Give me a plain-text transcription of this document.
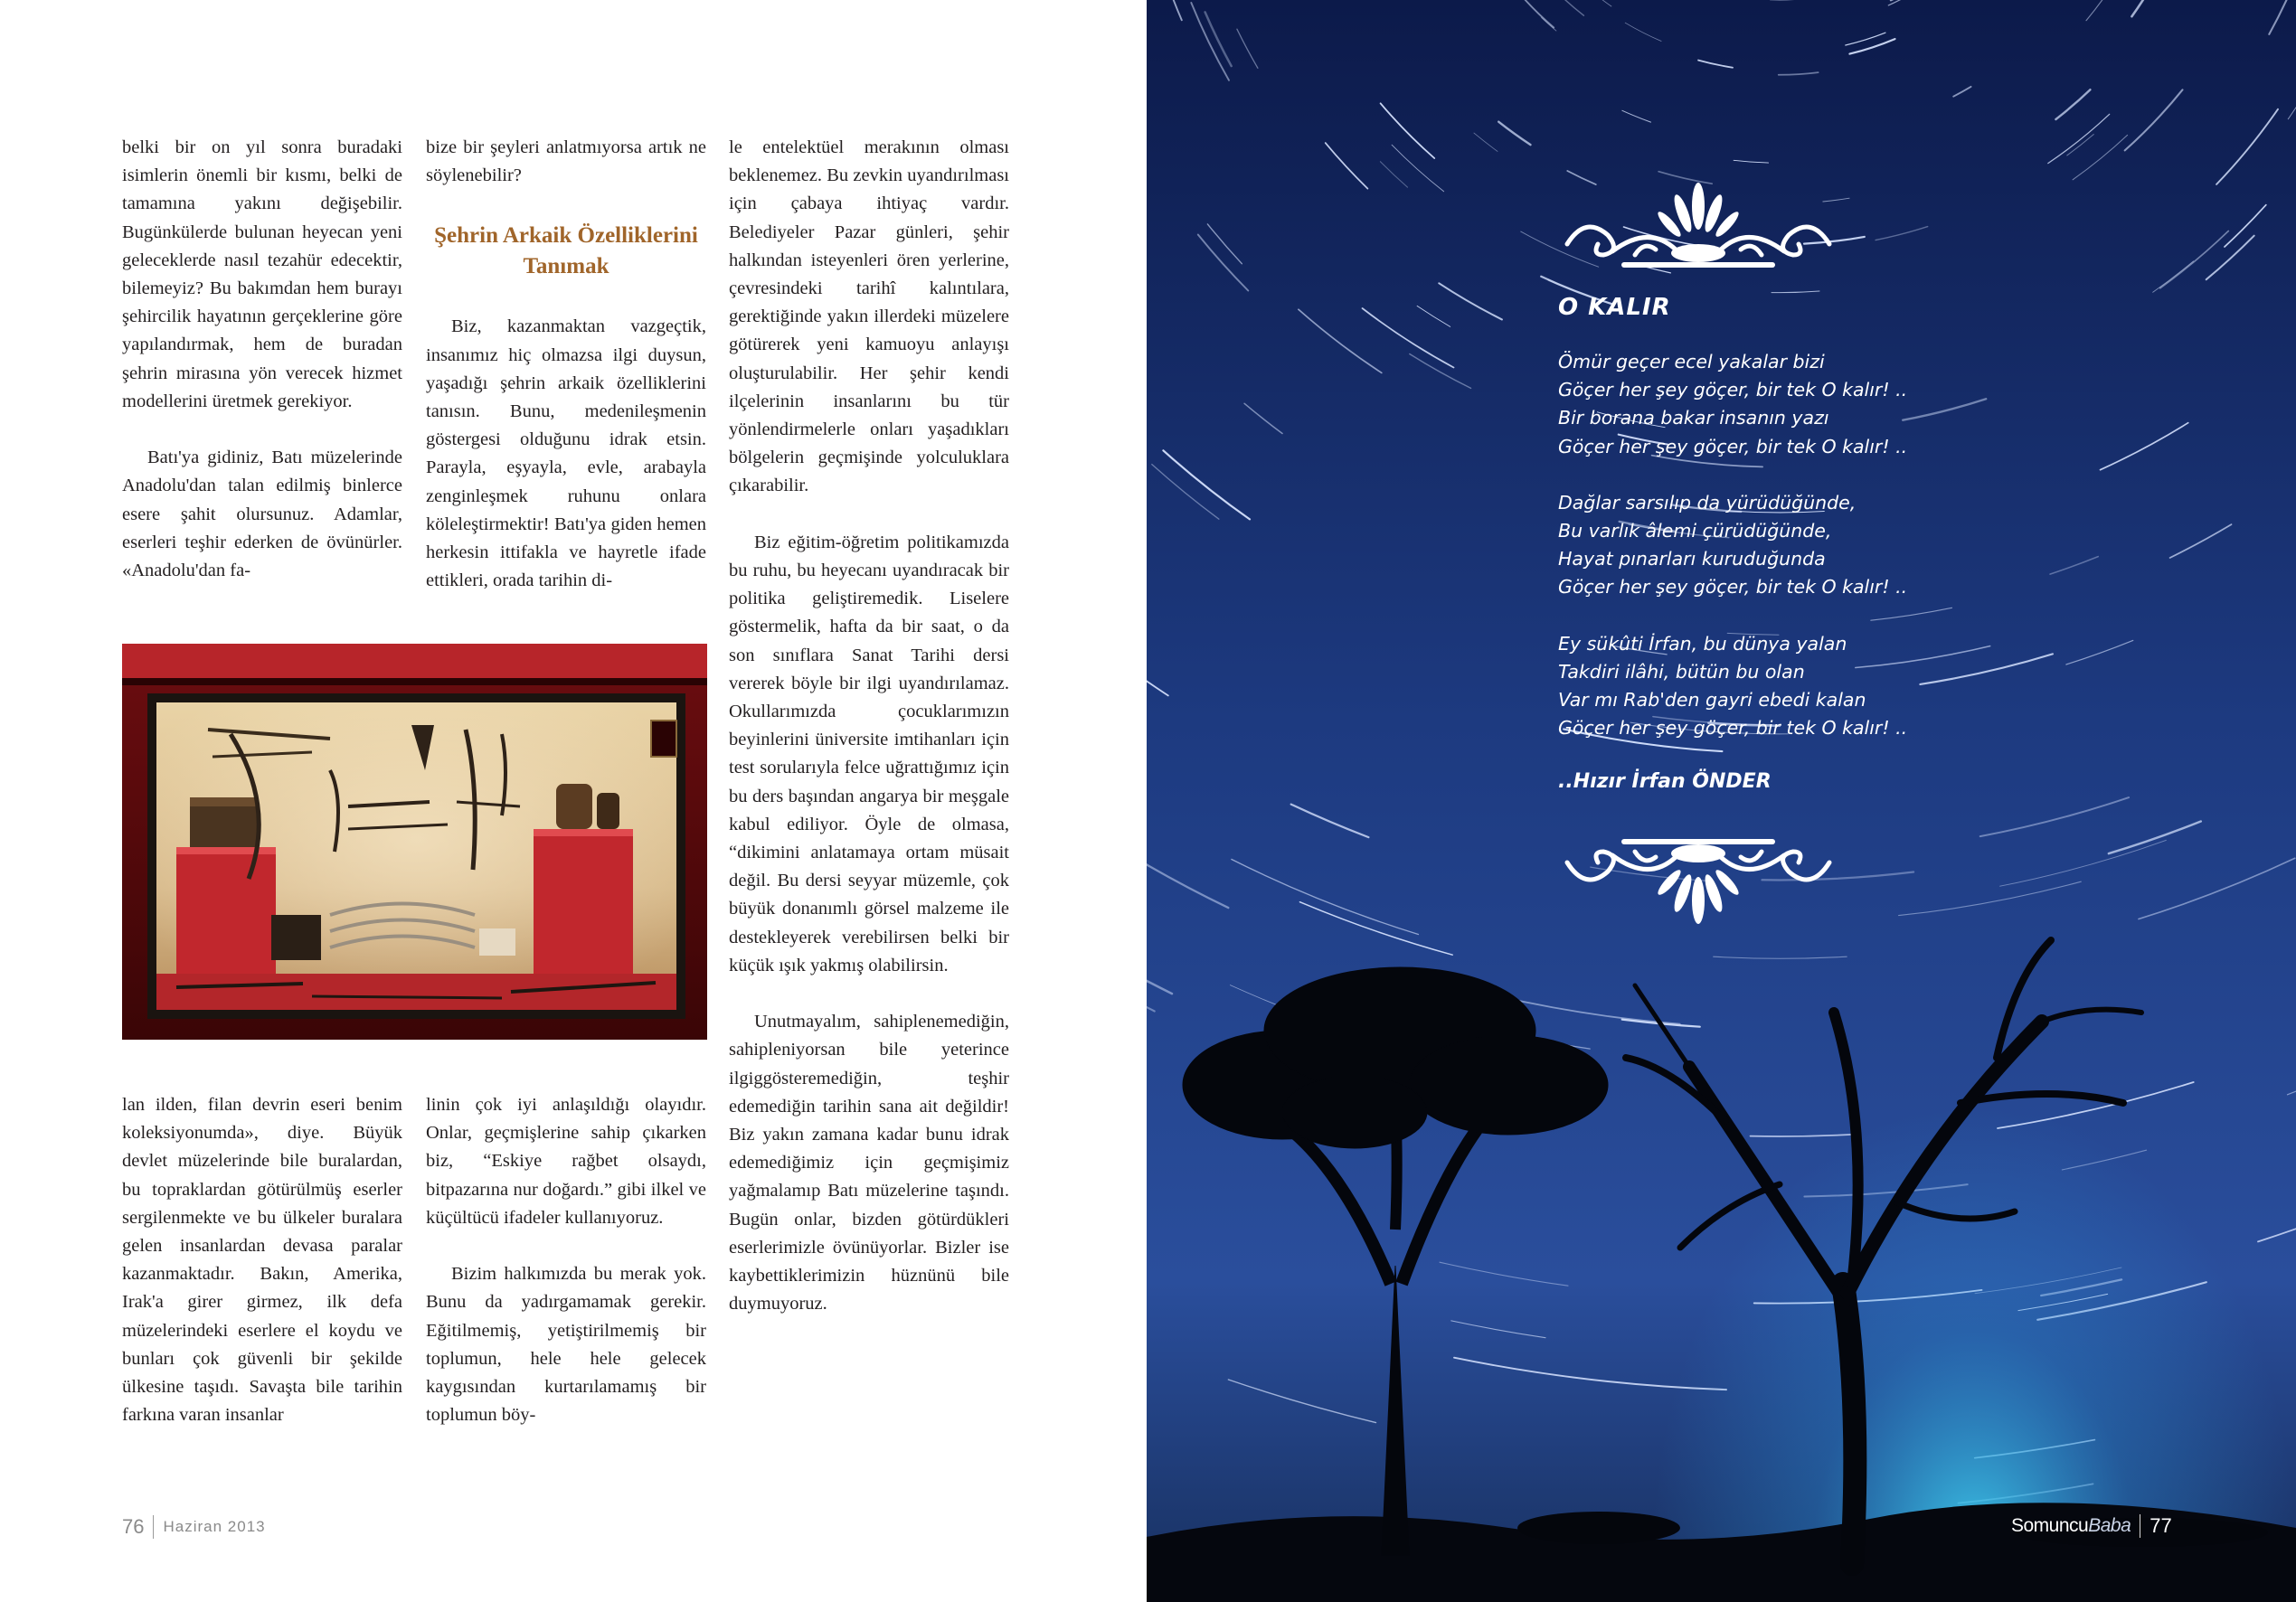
belki bir on yıl sonra buradaki isimlerin önemli bir kısmı, belki de tamamına yakını değişebilir. Bugünkülerde bulunan heyecan yeni geleceklerde nasıl tezahür edecektir, bilemeyiz? Bu bakımdan hem burayı şehircilik hayatının gerçeklerine göre yapılandırmak, hem de buradan şehrin mirasına yön verecek hizmet modellerini üretmek gerekiyor.

Batı'ya gidiniz, Batı müzelerinde Anadolu'dan talan edilmiş binlerce esere şahit olursunuz. Adamlar, eserleri teşhir ederken de övünürler. «Anadolu'dan fa-

bize bir şeyleri anlatmıyorsa artık ne söylenebilir?

Şehrin Arkaik Özelliklerini Tanımak

Biz, kazanmaktan vazgeçtik, insanımız hiç olmazsa ilgi duysun, yaşadığı şehrin arkaik özelliklerini tanısın. Bunu, medenileşmenin göstergesi olduğunu idrak etsin. Parayla, eşyayla, evle, arabayla zenginleşmek ruhunu onlara köleleştirmektir! Batı'ya giden hemen herkesin ittifakla ve hayretle ifade ettikleri, orada tarihin di-

le entelektüel merakının olması beklenemez. Bu zevkin uyandırılması için çabaya ihtiyaç vardır. Belediyeler Pazar günleri, şehir halkından isteyenleri ören yerlerine, çevresindeki tarihî kalıntılara, gerektiğinde yakın illerdeki müzelere götürerek yeni kamuoyu anlayışı oluşturulabilir. Her şehir kendi ilçelerinin insanlarını bu tür yönlendirmelerle onları yaşadıkları bölgelerin geçmişinde yolculuklara çıkarabilir.

Biz eğitim-öğretim politikamızda bu ruhu, bu heyecanı uyandıracak bir politika geliştiremedik. Liselere göstermelik, hafta da bir saat, o da son sınıflara Sanat Tarihi dersi vererek böyle bir ilgi uyandırılamaz. Okullarımızda çocuklarımızın beyinlerini üniversite imtihanları için test sorularıyla felce uğrattığımız için bu ders başından angarya bir meşgale kabul ediliyor. Öyle de olmasa, “dikimini anlatamaya ortam müsait değil. Bu dersi seyyar müzemle, çok büyük donanımlı görsel malzeme ile destekleyerek verebilirsen belki bir küçük ışık yakmış olabilirsin.

Unutmayalım, sahiplenemediğin, sahipleniyorsan bile yeterince ilgiggösteremediğin, teşhir edemediğin tarihin sana ait değildir! Biz yakın zamana kadar bunu idrak edemediğimiz için geçmişimiz yağmalamıp Batı müzelerine taşındı. Bugün onlar, bizden götürdükleri eserlerimizle övünüyorlar. Bizler ise kaybettiklerimizin hüznünü bile duymuyoruz.

lan ilden, filan devrin eseri benim koleksiyonumda», diye. Büyük devlet müzelerinde bile buralardan, bu topraklardan götürülmüş eserler sergilenmekte ve bu ülkeler buralara gelen insanlardan devasa paralar kazanmaktadır. Bakın, Amerika, Irak'a girer girmez, ilk defa müzelerindeki eserlere el koydu ve bunları çok güvenli bir şekilde ülkesine taşıdı. Savaşta bile tarihin farkına varan insanlar

linin çok iyi anlaşıldığı olayıdır. Onlar, geçmişlerine sahip çıkarken biz, “Eskiye rağbet olsaydı, bitpazarına nur doğardı.” gibi ilkel ve küçültücü ifadeler kullanıyoruz.

Bizim halkımızda bu merak yok. Bunu da yadırgamamak gerekir. Eğitilmemiş, yetiştirilmemiş bir toplumun, hele hele gelecek kaygısından kurtarılamamış bir toplumun böy-

76 Haziran 2013
O KALIR
Ömür geçer ecel yakalar bizi
Göçer her şey göçer, bir tek O kalır! ..
Bir borana bakar insanın yazı
Göçer her şey göçer, bir tek O kalır! ..
Dağlar sarsılıp da yürüdüğünde,
Bu varlık âlemi çürüdüğünde,
Hayat pınarları kuruduğunda
Göçer her şey göçer, bir tek O kalır! ..
Ey sükûti İrfan, bu dünya yalan
Takdiri ilâhi, bütün bu olan
Var mı Rab'den gayri ebedi kalan
Göçer her şey göçer, bir tek O kalır! ..
..Hızır İrfan ÖNDER
Somuncu Baba 77
